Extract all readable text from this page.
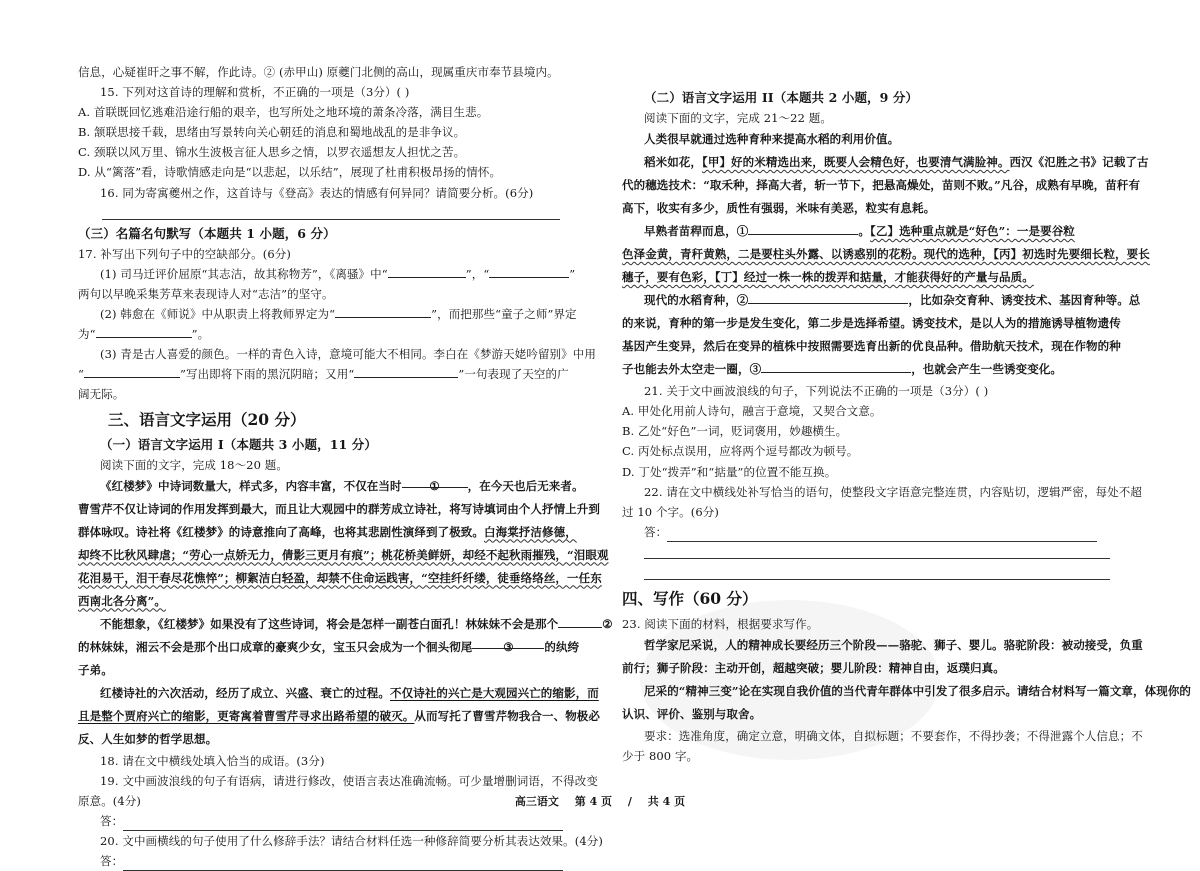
信息，心疑崔旰之事不解，作此诗。② (赤甲山) 原夔门北侧的高山，现属重庆市奉节县境内。
15. 下列对这首诗的理解和赏析，不正确的一项是（3分）( )
A. 首联既回忆逃难沿途行船的艰辛，也写所处之地环境的萧条冷落，满目生悲。
B. 颔联思接千载，思绪由写景转向关心朝廷的消息和蜀地战乱的是非争议。
C. 颈联以风万里、锦水生波极言征人思乡之情，以罗衣遥想友人担忧之苦。
D. 从“篱落”看，诗歌情感走向是“以悲起，以乐结”，展现了杜甫积极昂扬的情怀。
16. 同为寄寓夔州之作，这首诗与《登高》表达的情感有何异同？请简要分析。(6分)
（三）名篇名句默写（本题共 1 小题，6 分）
17. 补写出下列句子中的空缺部分。(6分)
(1) 司马迁评价屈原“其志洁，故其称物芳”，《离骚》中“	”，“	”
两句以早晚采集芳草来表现诗人对“志洁”的坚守。
(2) 韩愈在《师说》中从职责上将教师界定为“	”，而把那些“童子之师”界定
为“	”。
(3) 青是古人喜爱的颜色。一样的青色入诗，意境可能大不相同。李白在《梦游天姥吟留别》中用
“	”写出即将下雨的黑沉阴暗；又用“	”一句表现了天空的广
阔无际。
三、语言文字运用（20 分）
（一）语言文字运用 I（本题共 3 小题，11 分）
阅读下面的文字，完成 18～20 题。
《红楼梦》中诗词数量大，样式多，内容丰富，不仅在当时 ① ，在今天也后无来者。
曹雪芹不仅让诗词的作用发挥到最大，而且让大观园中的群芳成立诗社，将写诗填词由个人抒情上升到
群体咏叹。诗社将《红楼梦》的诗意推向了高峰，也将其悲剧性演绎到了极致。白海棠抒洁修德，
却终不比秋风肆虐；“劳心一点娇无力，倩影三更月有痕”；桃花桥美鲜妍，却经不起秋雨摧残，“泪眼观
花泪易干，泪干春尽花憔悴”；柳絮洁白轻盈，却禁不住命运践害，“空挂纤纤缕，徒垂络络丝，一任东
西南北各分离”。
不能想象，《红楼梦》如果没有了这些诗词，将会是怎样一副苍白面孔！林妹妹不会是那个	②
的林妹妹，湘云不会是那个出口成章的豪爽少女，宝玉只会成为一个徊头彻尾	③	的纨绔
子弟。
红楼诗社的六次活动，经历了成立、兴盛、衰亡的过程。不仅诗社的兴亡是大观园兴亡的缩影，而
且是整个贾府兴亡的缩影，更寄寓着曹雪芹寻求出路希望的破灭。从而写托了曹雪芹物我合一、物极必
反、人生如梦的哲学思想。
18. 请在文中横线处填入恰当的成语。(3分)
19. 文中画波浪线的句子有语病，请进行修改，使语言表达准确流畅。可少量增删词语，不得改变
原意。(4分)
答：
20. 文中画横线的句子使用了什么修辞手法？请结合材料任选一种修辞简要分析其表达效果。(4分)
答：
（二）语言文字运用 II（本题共 2 小题，9 分）
阅读下面的文字，完成 21～22 题。
人类很早就通过选种育种来提高水稻的利用价值。
稻米如花，【甲】好的米精选出来，既要人会精色好，也要清气满脸神。西汉《氾胜之书》记载了古
代的穗选技术：“取禾种，择高大者，斩一节下，把悬高燥处，苗则不败。”凡谷，成熟有早晚，苗秆有
高下，收实有多少，质性有强弱，米味有美恶，粒实有息耗。
早熟者苗稈而息，①	。【乙】选种重点就是“好色”：一是要谷粒
色泽金黄，青秆黄熟，二是要柱头外露、以诱惑别的花粉。现代的选种，【丙】初选时先要细长粒，要长
穗子，要有色彩，【丁】经过一株一株的拨弄和掂量，才能获得好的产量与品质。
现代的水稻育种，②	，比如杂交育种、诱变技术、基因育种等。总
的来说，育种的第一步是发生变化，第二步是选择希望。诱变技术，是以人为的措施诱导植物遗传
基因产生变异，然后在变异的植株中按照需要选育出新的优良品种。借助航天技术，现在作物的种
子也能去外太空走一圈，③	，也就会产生一些诱变变化。
21. 关于文中画波浪线的句子，下列说法不正确的一项是（3分）( )
A. 甲处化用前人诗句，融言于意境，又契合文意。
B. 乙处“好色”一词，贬词褒用，妙趣横生。
C. 丙处标点误用，应将两个逗号都改为顿号。
D. 丁处“拨弄”和“掂量”的位置不能互换。
22. 请在文中横线处补写恰当的语句，使整段文字语意完整连贯，内容贴切，逻辑严密，每处不超
过 10 个字。(6分)
答：
四、写作（60 分）
23. 阅读下面的材料，根据要求写作。
哲学家尼采说，人的精神成长要经历三个阶段——骆驼、狮子、婴儿。骆驼阶段：被动接受，负重
前行；狮子阶段：主动开创，超越突破；婴儿阶段：精神自由，返璞归真。
尼采的“精神三变”论在实现自我价值的当代青年群体中引发了很多启示。请结合材料写一篇文章，体现你的
认识、评价、鉴别与取舍。
要求：选准角度，确定立意，明确文体，自拟标题；不要套作，不得抄袭；不得泄露个人信息；不
少于 800 字。
高三语文 第 4 页 / 共 4 页
